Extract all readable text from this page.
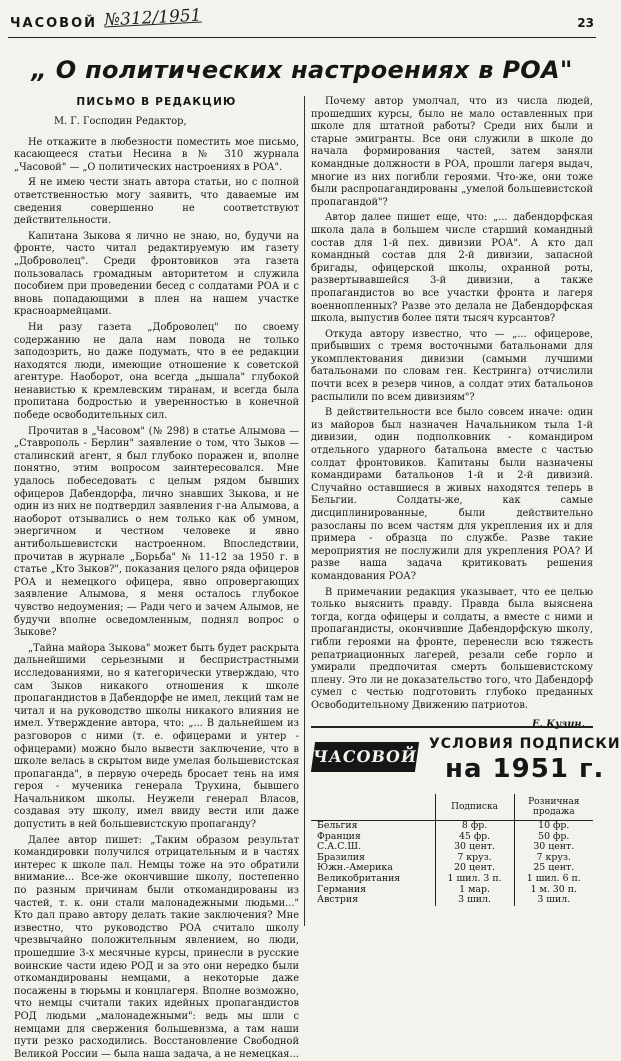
ЧАСОВОЙ №312/1951	23
„ О политических настроениях в РОА"
ПИСЬМО В РЕДАКЦИЮ

М. Г. Господин Редактор,

Не откажите в любезности поместить мое письмо, касающееся статьи Несина в № 310 журнала „Часовой" — „О политических настроениях в РОА".

Я не имею чести знать автора статьи, но с полной ответственностью могу заявить, что даваемые им сведения совершенно не соответствуют действительности.

Капитана Зыкова я лично не знаю, но, будучи на фронте, часто читал редактируемую им газету „Доброволец". Среди фронтовиков эта газета пользовалась громадным авторитетом и служила пособием при проведении бесед с солдатами РОА и с вновь попадающими в плен на нашем участке красноармейцами.

Ни разу газета „Доброволец" по своему содержанию не дала нам повода не только заподозрить, но даже подумать, что в ее редакции находятся люди, имеющие отношение к советской агентуре. Наоборот, она всегда „дышала" глубокой ненавистью к кремлевским тиранам, и всегда была пропитана бодростью и уверенностью в конечной победе освободительных сил.

Прочитав в „Часовом" (№ 298) в статье Алымова — „Ставрополь - Берлин" заявление о том, что Зыков — сталинский агент, я был глубоко поражен и, вполне понятно, этим вопросом заинтересовался. Мне удалось побеседовать с целым рядом бывших офицеров Дабендорфа, лично знавших Зыкова, и не один из них не подтвердил заявления г-на Алымова, а наоборот отзывались о нем только как об умном, энергичном и честном человеке и явно антибольшевистски настроенном. Впоследствии, прочитав в журнале „Борьба" № 11-12 за 1950 г. в статье „Кто Зыков?", показания целого ряда офицеров РОА и немецкого офицера, явно опровергающих заявление Алымова, я меня осталось глубокое чувство недоумения; — Ради чего и зачем Алымов, не будучи вполне осведомленным, поднял вопрос о Зыкове?

„Тайна майора Зыкова" может быть будет раскрыта дальнейшими серьезными и беспристрастными исследованиями, но я категорически утверждаю, что сам Зыков никакого отношения к школе пропагандистов в Дабендорфе не имел, лекций там не читал и на руководство школы никакого влияния не имел. Утверждение автора, что: „... В дальнейшем из разговоров с ними (т. е. офицерами и унтер - офицерами) можно было вывести заключение, что в школе велась в скрытом виде умелая большевистская пропаганда", в первую очередь бросает тень на имя героя - мученика генерала Трухина, бывшего Начальником школы. Неужели генерал Власов, создавая эту школу, имел ввиду вести или даже допустить в ней большевистскую пропаганду?

Далее автор пишет: „Таким образом результат командировки получился отрицательным и в частях интерес к школе пал. Немцы тоже на это обратили внимание... Все-же окончившие школу, постепенно по разным причинам были откомандированы из частей, т. к. они стали малонадежными людьми..." Кто дал право автору делать такие заключения? Мне известно, что руководство РОА считало школу чрезвычайно положительным явлением, но люди, прошедшие 3-х месячные курсы, принесли в русские воинские части идею РОД и за это они нередко были откомандированы немцами, а некоторые даже посажены в тюрьмы и концлагеря. Вполне возможно, что немцы считали таких идейных пропагандистов РОД людьми „малонадежными": ведь мы шли с немцами для свержения большевизма, а там наши пути резко расходились. Восстановление Свободной Великой России — была наша задача, а не немецкая...

Почему автор умолчал, что из числа людей, прошедших курсы, было не мало оставленных при школе для штатной работы? Среди них были и старые эмигранты. Все они служили в школе до начала формирования частей, затем заняли командные должности в РОА, прошли лагеря выдач, многие из них погибли героями. Что-же, они тоже были распропагандированы „умелой большевистской пропагандой"?

Автор далее пишет еще, что: „... дабендорфская школа дала в большем числе старший командный состав для 1-й пех. дивизии РОА". А кто дал командный состав для 2-й дивизии, запасной бригады, офицерской школы, охранной роты, развертывавшейся 3-й дивизии, а также пропагандистов во все участки фронта и лагеря военнопленных? Разве это делала не Дабендорфская школа, выпустив более пяти тысяч курсантов?

Откуда автору известно, что — „... офицерове, прибывших с тремя восточными батальонами для укомплектования дивизии (самыми лучшими батальонами по словам ген. Кестринга) отчислили почти всех в резерв чинов, а солдат этих батальонов распылили по всем дивизиям"?

В действительности все было совсем иначе: один из майоров был назначен Начальником тыла 1-й дивизии, один подполковник - командиром отдельного ударного батальона вместе с частью солдат фронтовиков. Капитаны были назначены командирами батальонов 1-й и 2-й дивизий. Случайно оставшиеся в живых находятся теперь в Бельгии. Солдаты-же, как самые дисциплинированные, были действительно разосланы по всем частям для укрепления их и для примера - образца по службе. Разве такие мероприятия не послужили для укрепления РОА? И разве наша задача критиковать решения командования РОА?

В примечании редакция указывает, что ее целью только выяснить правду. Правда была выяснена тогда, когда офицеры и солдаты, а вместе с ними и пропагандисты, окончившие Дабендорфскую школу, гибли героями на фронте, перенесли всю тяжесть репатриационных лагерей, резали себе горло и умирали предпочитая смерть большевистскому плену. Это ли не доказательство того, что Дабендорф сумел с честью подготовить глубоко преданных Освободительному Движению патриотов.

Е. Кузин.
ЧАСОВОЙ
УСЛОВИЯ ПОДПИСКИ
на 1951 г.
	Подписка	Розничная продажа
Бельгия	8 фр.	10 фр.
Франция	45 фр.	50 фр.
С.А.С.Ш.	30 цент.	30 цент.
Бразилия	7 круз.	7 круз.
Южн.-Америка	20 цент.	25 цент.
Великобритания	1 шил. 3 п.	1 шил. 6 п.
Германия	1 мар.	1 м. 30 п.
Австрия	3 шил.	3 шил.
